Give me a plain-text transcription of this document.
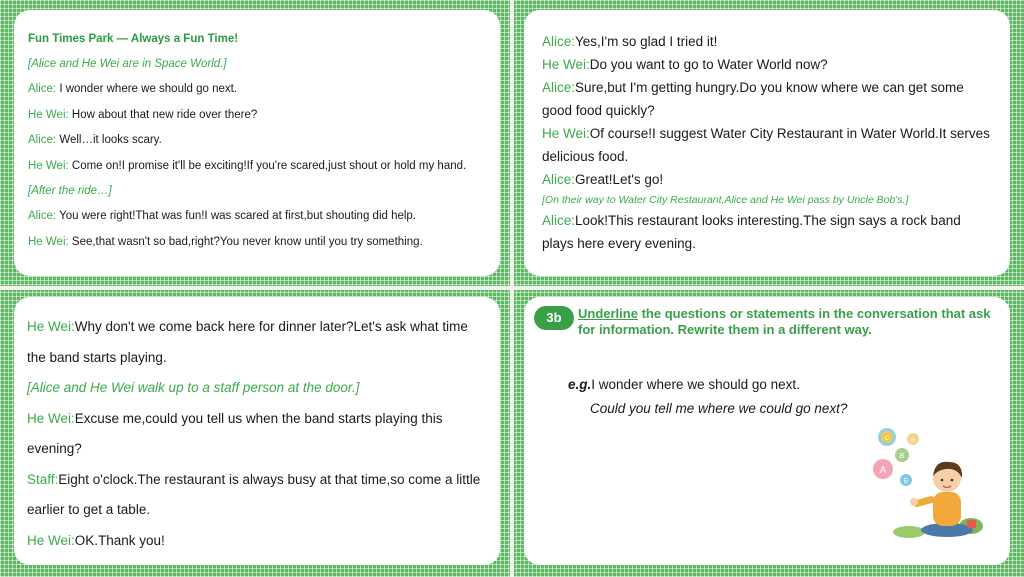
Fun Times Park — Always a Fun Time!
[Alice and He Wei are in Space World.]
Alice: I wonder where we should go next.
He Wei: How about that new ride over there?
Alice: Well…it looks scary.
He Wei: Come on!I promise it'll be exciting!If you're scared,just shout or hold my hand.
[After the ride…]
Alice: You were right!That was fun!I was scared at first,but shouting did help.
He Wei: See,that wasn't so bad,right?You never know until you try something.
Alice:Yes,I'm so glad I tried it!
He Wei:Do you want to go to Water World now?
Alice:Sure,but I'm getting hungry.Do you know where we can get some
good food quickly?
He Wei:Of course!I suggest Water City Restaurant in Water World.It serves
delicious food.
Alice:Great!Let's go!
[On their way to Water City Restaurant,Alice and He Wei pass by Uncle Bob's.]
Alice:Look!This restaurant looks interesting.The sign says a rock band
plays here every evening.
He Wei:Why don't we come back here for dinner later?Let's ask what time
the band starts playing.
[Alice and He Wei walk up to a staff person at the door.]
He Wei:Excuse me,could you tell us when the band starts playing this
evening?
Staff:Eight o'clock.The restaurant is always busy at that time,so come a little
earlier to get a table.
He Wei:OK.Thank you!
3b	Underline the questions or statements in the conversation that ask for information. Rewrite them in a different way.
e.g.I wonder where we should go next.
Could you tell me where we could go next?
c	e
A
B
E
